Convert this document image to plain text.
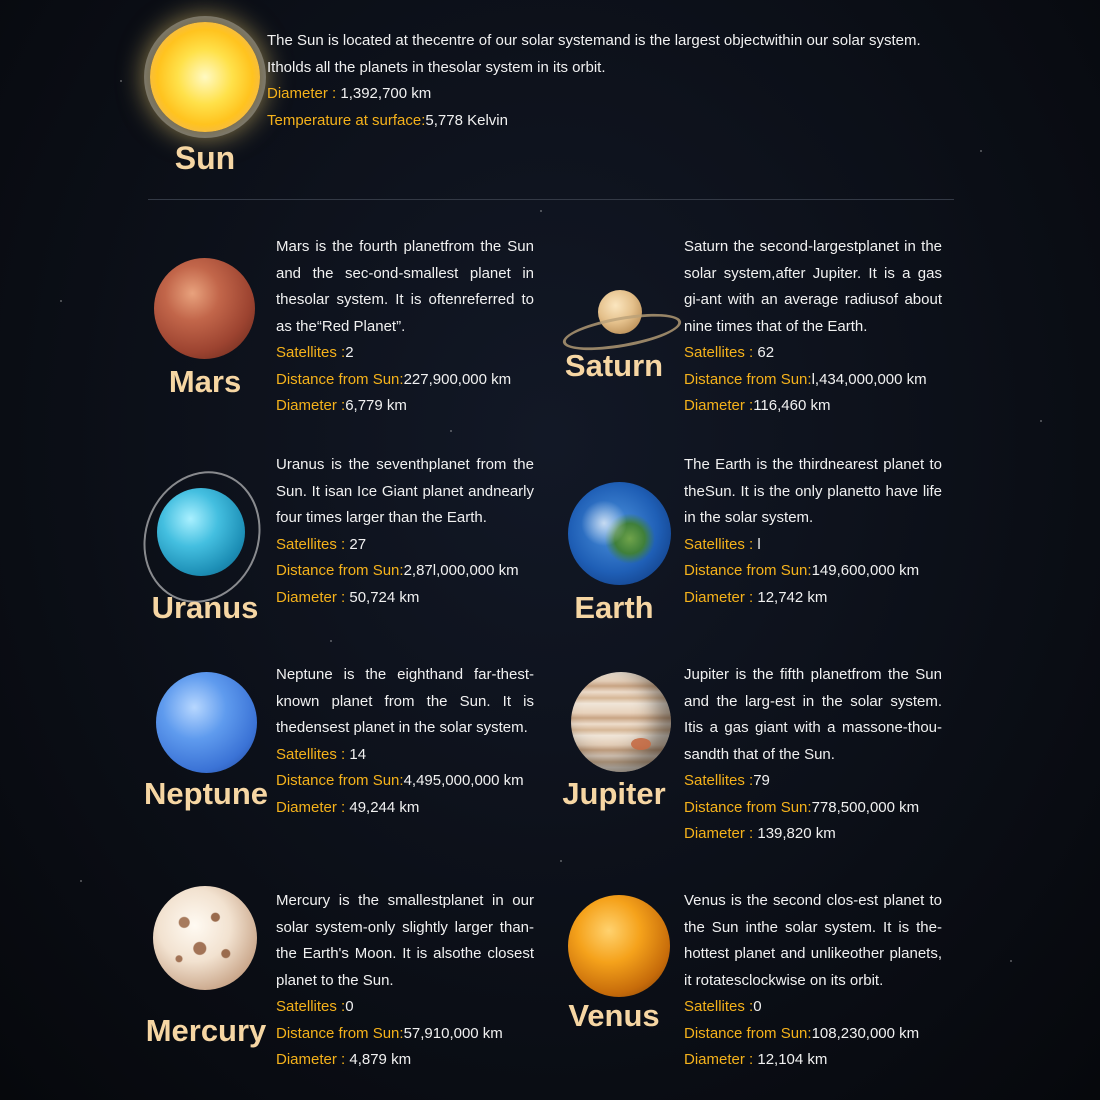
Sun
The Sun is located at thecentre of our solar systemand is the largest objectwithin our solar system.
Itholds all the planets in thesolar system in its orbit.
Diameter : 1,392,700 km
Temperature at surface:5,778 Kelvin
Mars
Mars is the fourth planetfrom the Sun and the sec-ond-smallest planet in thesolar system. It is oftenreferred to as the“Red Planet”.
Satellites :2
Distance from Sun:227,900,000 km
Diameter :6,779 km
Saturn
Saturn the second-largestplanet in the solar system,after Jupiter. It is a gas gi-ant with an average radiusof about nine times that of the Earth.
Satellites : 62
Distance from Sun:l,434,000,000 km
Diameter :116,460 km
Uranus
Uranus is the seventhplanet from the Sun. It isan Ice Giant planet andnearly four times larger than the Earth.
Satellites : 27
Distance from Sun:2,87l,000,000 km
Diameter : 50,724 km	Earth
The Earth is the thirdnearest planet to theSun. It is the only planetto have life in the solar system.
Satellites : l
Distance from Sun:149,600,000 km
Diameter : 12,742 km
Neptune
Neptune is the eighthand far-thest-known planet from the Sun. It is thedensest planet in the solar system.
Satellites : 14
Distance from Sun:4,495,000,000 km
Diameter : 49,244 km	Jupiter
Jupiter is the fifth planetfrom the Sun and the larg-est in the solar system. Itis a gas giant with a massone-thou-sandth that of the Sun.
Satellites :79
Distance from Sun:778,500,000 km
Diameter : 139,820 km
Mercury
Mercury is the smallestplanet in our solar system-only slightly larger than-the Earth's Moon. It is alsothe closest planet to the Sun.
Satellites :0
Distance from Sun:57,910,000 km
Diameter : 4,879 km
Venus
Venus is the second clos-est planet to the Sun inthe solar system. It is the-hottest planet and unlikeother planets, it rotatesclockwise on its orbit.
Satellites :0
Distance from Sun:108,230,000 km
Diameter : 12,104 km
